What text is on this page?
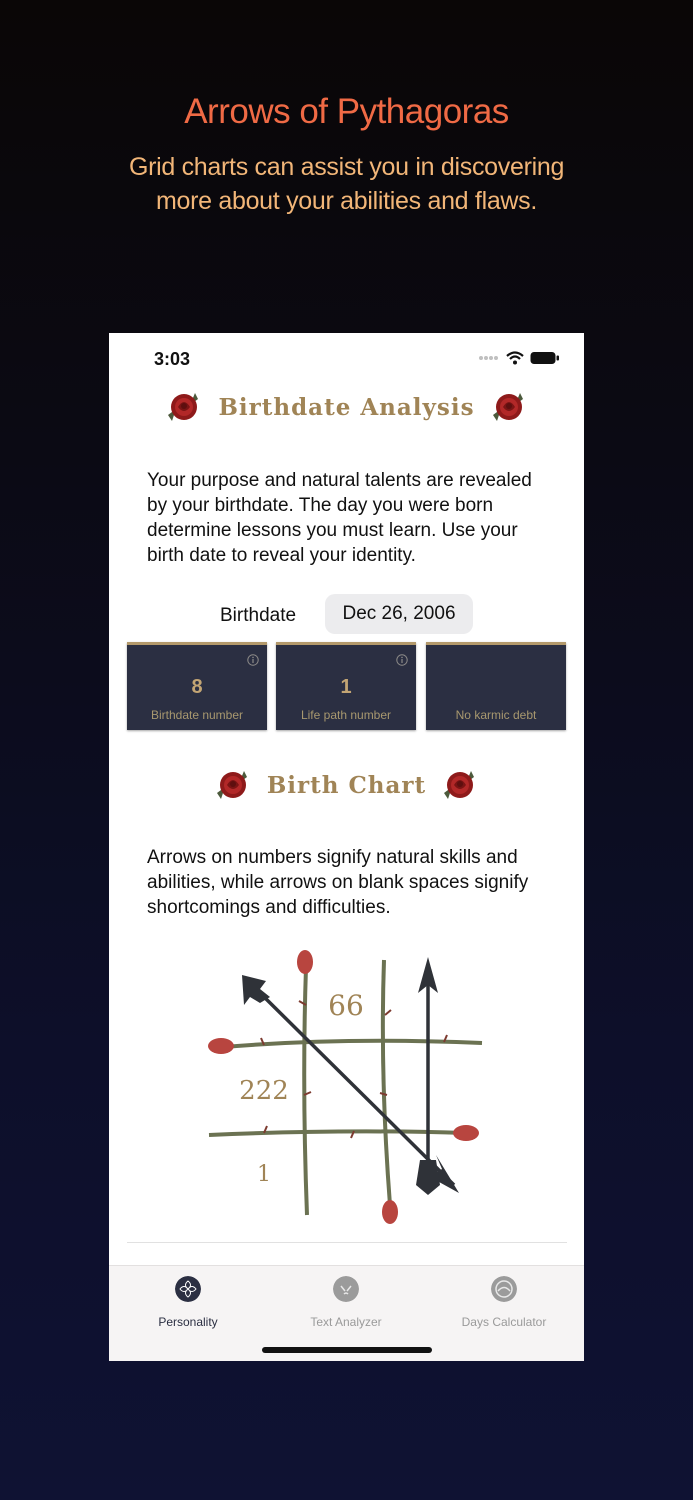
Arrows of Pythagoras
Grid charts can assist you in discovering more about your abilities and flaws.
3:03
Birthdate Analysis
Your purpose and natural talents are revealed by your birthdate. The day you were born determine lessons you must learn. Use your birth date to reveal your identity.
Birthdate	Dec 26, 2006
8
Birthdate number
1
Life path number	No karmic debt
Birth Chart
Arrows on numbers signify natural skills and abilities, while arrows on blank spaces signify shortcomings and difficulties.
66
222
1
Personality	Text Analyzer	Days Calculator
